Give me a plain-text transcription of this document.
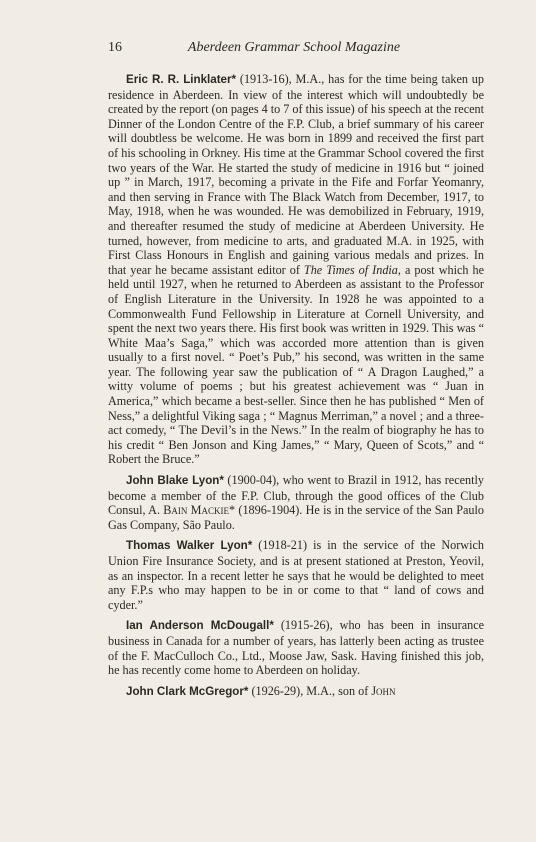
16	Aberdeen Grammar School Magazine

Eric R. R. Linklater* (1913-16), M.A., has for the time being taken up residence in Aberdeen. In view of the interest which will undoubtedly be created by the report (on pages 4 to 7 of this issue) of his speech at the recent Dinner of the London Centre of the F.P. Club, a brief summary of his career will doubtless be welcome. He was born in 1899 and received the first part of his schooling in Orkney. His time at the Grammar School covered the first two years of the War. He started the study of medicine in 1916 but “ joined up ” in March, 1917, becoming a private in the Fife and Forfar Yeomanry, and then serving in France with The Black Watch from December, 1917, to May, 1918, when he was wounded. He was demobilized in February, 1919, and thereafter resumed the study of medicine at Aberdeen University. He turned, however, from medicine to arts, and graduated M.A. in 1925, with First Class Honours in English and gaining various medals and prizes. In that year he became assistant editor of The Times of India, a post which he held until 1927, when he returned to Aberdeen as assistant to the Professor of English Literature in the University. In 1928 he was appointed to a Commonwealth Fund Fellowship in Literature at Cornell University, and spent the next two years there. His first book was written in 1929. This was “ White Maa’s Saga,” which was accorded more attention than is given usually to a first novel. “ Poet’s Pub,” his second, was written in the same year. The following year saw the publication of “ A Dragon Laughed,” a witty volume of poems ; but his greatest achievement was “ Juan in America,” which became a best-seller. Since then he has published “ Men of Ness,” a delightful Viking saga ; “ Magnus Merriman,” a novel ; and a three-act comedy, “ The Devil’s in the News.” In the realm of biography he has to his credit “ Ben Jonson and King James,” “ Mary, Queen of Scots,” and “ Robert the Bruce.”

John Blake Lyon* (1900-04), who went to Brazil in 1912, has recently become a member of the F.P. Club, through the good offices of the Club Consul, A. Bain Mackie* (1896-1904). He is in the service of the San Paulo Gas Company, São Paulo.

Thomas Walker Lyon* (1918-21) is in the service of the Norwich Union Fire Insurance Society, and is at present stationed at Preston, Yeovil, as an inspector. In a recent letter he says that he would be delighted to meet any F.P.s who may happen to be in or come to that “ land of cows and cyder.”

Ian Anderson McDougall* (1915-26), who has been in insurance business in Canada for a number of years, has latterly been acting as trustee of the F. MacCulloch Co., Ltd., Moose Jaw, Sask. Having finished this job, he has recently come home to Aberdeen on holiday.

John Clark McGregor* (1926-29), M.A., son of John
